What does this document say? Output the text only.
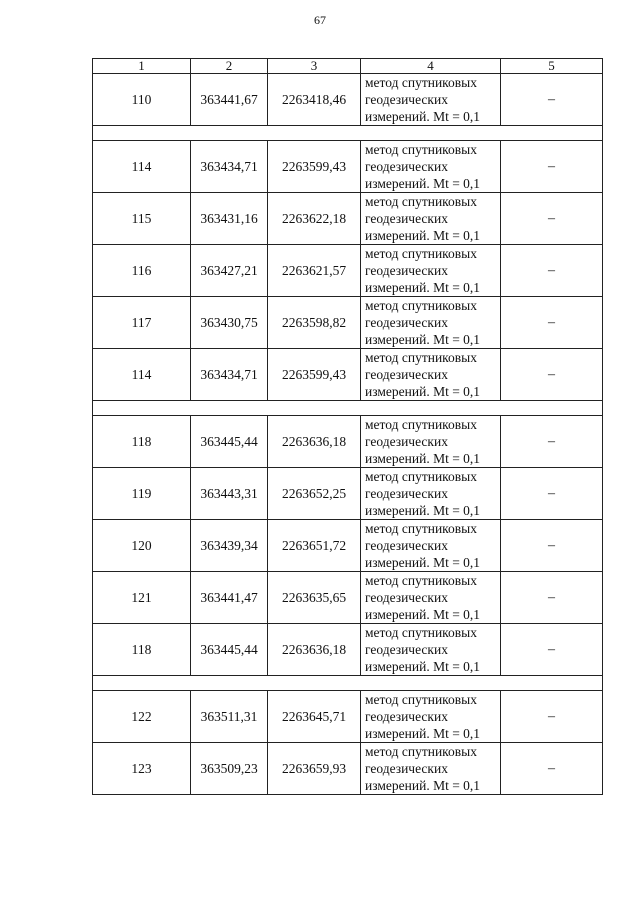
67
1	2	3	4	5
110	363441,67	2263418,46	метод спутниковых
геодезических
измерений. Mt = 0,1	–

114	363434,71	2263599,43	метод спутниковых
геодезических
измерений. Mt = 0,1	–
115	363431,16	2263622,18	метод спутниковых
геодезических
измерений. Mt = 0,1	–
116	363427,21	2263621,57	метод спутниковых
геодезических
измерений. Mt = 0,1	–
117	363430,75	2263598,82	метод спутниковых
геодезических
измерений. Mt = 0,1	–
114	363434,71	2263599,43	метод спутниковых
геодезических
измерений. Mt = 0,1	–

118	363445,44	2263636,18	метод спутниковых
геодезических
измерений. Mt = 0,1	–
119	363443,31	2263652,25	метод спутниковых
геодезических
измерений. Mt = 0,1	–
120	363439,34	2263651,72	метод спутниковых
геодезических
измерений. Mt = 0,1	–
121	363441,47	2263635,65	метод спутниковых
геодезических
измерений. Mt = 0,1	–
118	363445,44	2263636,18	метод спутниковых
геодезических
измерений. Mt = 0,1	–

122	363511,31	2263645,71	метод спутниковых
геодезических
измерений. Mt = 0,1	–
123	363509,23	2263659,93	метод спутниковых
геодезических
измерений. Mt = 0,1	–
